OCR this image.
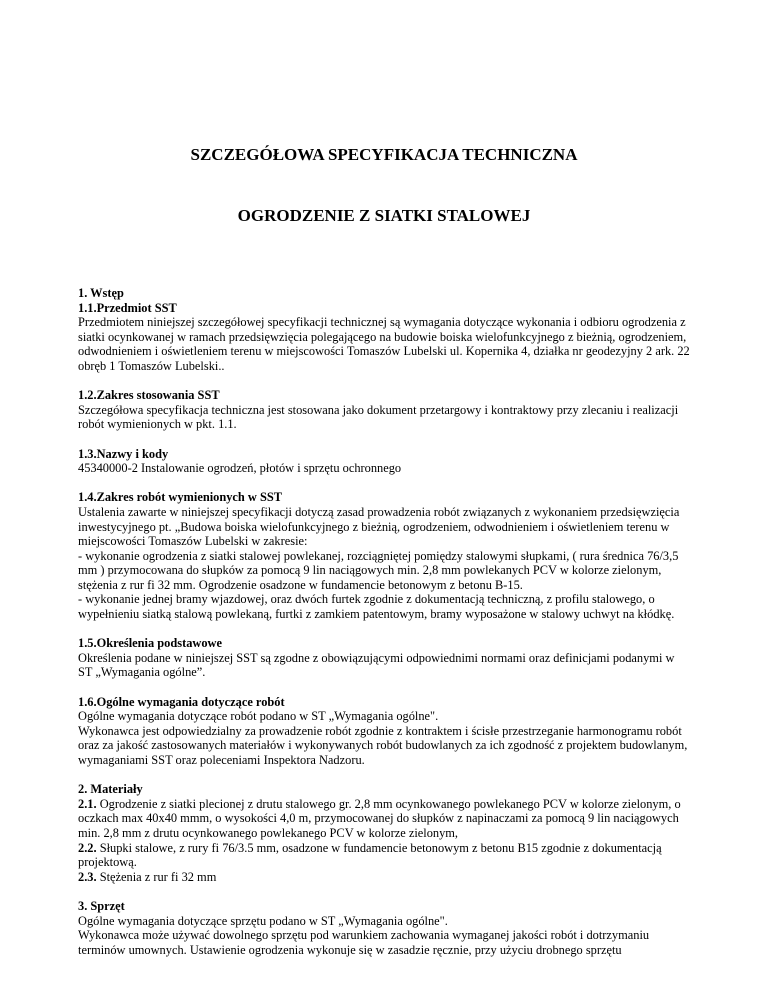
SZCZEGÓŁOWA SPECYFIKACJA TECHNICZNA
OGRODZENIE Z SIATKI STALOWEJ
1. Wstęp
1.1.Przedmiot SST

Przedmiotem niniejszej szczegółowej specyfikacji technicznej są wymagania dotyczące wykonania i odbioru ogrodzenia z siatki ocynkowanej w ramach przedsięwzięcia polegającego na budowie boiska wielofunkcyjnego z bieżnią, ogrodzeniem, odwodnieniem i oświetleniem terenu w miejscowości Tomaszów Lubelski ul. Kopernika 4, działka nr geodezyjny 2 ark. 22 obręb 1 Tomaszów Lubelski..

1.2.Zakres stosowania SST

Szczegółowa specyfikacja techniczna jest stosowana jako dokument przetargowy i kontraktowy przy zlecaniu i realizacji robót wymienionych w pkt. 1.1.

1.3.Nazwy i kody

45340000-2 Instalowanie ogrodzeń, płotów i sprzętu ochronnego

1.4.Zakres robót wymienionych w SST

Ustalenia zawarte w niniejszej specyfikacji dotyczą zasad prowadzenia robót związanych z wykonaniem przedsięwzięcia inwestycyjnego pt. „Budowa boiska wielofunkcyjnego z bieżnią, ogrodzeniem, odwodnieniem i oświetleniem terenu w miejscowości Tomaszów Lubelski w zakresie:

- wykonanie ogrodzenia z siatki stalowej powlekanej, rozciągniętej pomiędzy stalowymi słupkami, ( rura średnica 76/3,5 mm ) przymocowana do słupków za pomocą 9 lin naciągowych min. 2,8 mm powlekanych PCV w kolorze zielonym, stężenia z rur fi 32 mm. Ogrodzenie osadzone w fundamencie betonowym z betonu B-15.

- wykonanie jednej bramy wjazdowej, oraz dwóch furtek zgodnie z dokumentacją techniczną, z profilu stalowego, o wypełnieniu siatką stalową powlekaną, furtki z zamkiem patentowym, bramy wyposażone w stalowy uchwyt na kłódkę.

1.5.Określenia podstawowe

Określenia podane w niniejszej SST są zgodne z obowiązującymi odpowiednimi normami oraz definicjami podanymi w ST „Wymagania ogólne”.

1.6.Ogólne wymagania dotyczące robót

Ogólne wymagania dotyczące robót podano w ST „Wymagania ogólne".

Wykonawca jest odpowiedzialny za prowadzenie robót zgodnie z kontraktem i ścisłe przestrzeganie harmonogramu robót oraz za jakość zastosowanych materiałów i wykonywanych robót budowlanych za ich zgodność z projektem budowlanym, wymaganiami SST oraz poleceniami Inspektora Nadzoru.

2. Materiały

2.1. Ogrodzenie z siatki plecionej z drutu stalowego gr. 2,8 mm ocynkowanego powlekanego PCV w kolorze zielonym, o oczkach max 40x40 mmm, o wysokości 4,0 m, przymocowanej do słupków z napinaczami za pomocą 9 lin naciągowych min. 2,8 mm z drutu ocynkowanego powlekanego PCV w kolorze zielonym,

2.2. Słupki stalowe, z rury fi 76/3.5 mm, osadzone w fundamencie betonowym z betonu B15 zgodnie z dokumentacją projektową.

2.3. Stężenia z rur fi 32 mm

3. Sprzęt

Ogólne wymagania dotyczące sprzętu podano w ST „Wymagania ogólne".

Wykonawca może używać dowolnego sprzętu pod warunkiem zachowania wymaganej jakości robót i dotrzymaniu terminów umownych. Ustawienie ogrodzenia wykonuje się w zasadzie ręcznie, przy użyciu drobnego sprzętu
